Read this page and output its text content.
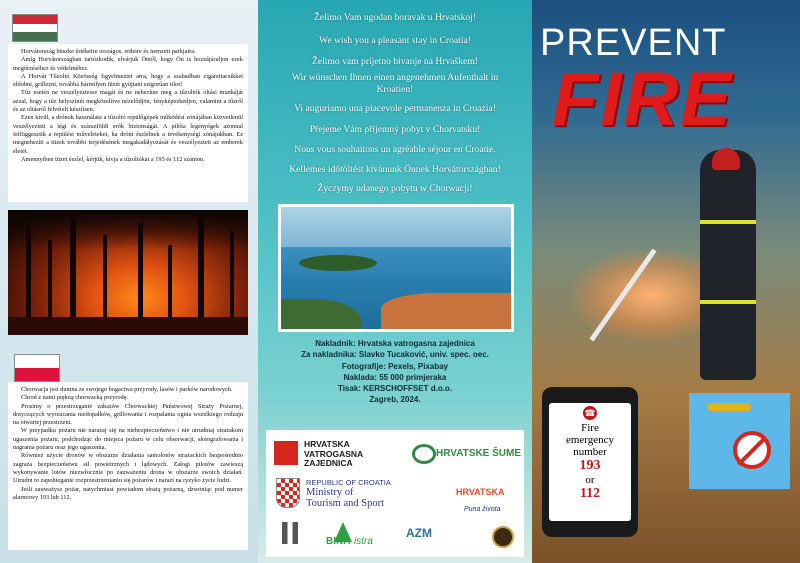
Horvátország büszke értékeire országos, erdeire és nemzeti parkjaira.

Amíg Horvátországban tartózkodik, elvárjuk Öntől, hogy Ön is hozzájáruljon ezek megőrzéséhez és védelméhez.

A Horvát Tűzoltó Közösség figyelmeztet arra, hogy a szabadban cigarettacsikket eldobni, grillezni, továbbá bármilyen tüzet gyújtani szigorúan tilos!

Tűz esetén ne veszélyeztesse magát és ne nehezítse meg a tűzoltók oltási munkáját azzal, hogy a tűz helyszínét megközelítve nézelődjön, fényképezkedjen, valamint a tűzről és az oltásról felvételt készítsen.

Ezen kívül, a drónok használata a tűzoltó repülőgépek működési zónájában közvetlenül veszélyezteti a légi és szárazföldi erők biztonságát. A pilóta legényégek azonnal felfüggesztik a repülési műveleteket, ha drónt észlelnek a tevékenységi zónájukban. Ez megnehezíti a tüzek további terjedésének megakadályozását és veszélyezteti az emberek életét.

Amennyiben tüzet észlel, kérjük, hívja a tűzoltókat a 193 és 112 számon.

Chorwacja jest dumna ze swojego bogactwa przyrody, lasów i parków narodowych.

Chroń z nami piękną chorwacką przyrodę.

Prosimy o przestrzeganie zakazów Chorwackiej Państwowej Straży Pożarnej, dotyczących wyrzucania niedopałków, grillowania i rozpalania ognia wszelkiego rodzaju na otwartej przestrzeni.

W przypadku pożaru nie narażaj się na niebezpieczeństwo i nie utrudniaj strażakom ugaszenia pożaru, podchodząc do miejsca pożaru w celu obserwacji, słotografowania i nagrania pożaru oraz jego ugaszenia.

Również użycie dronów w obszarze działania samolotów strażackich bezpośrednio zagraża bezpieczeństwu sił powietrznych i lądowych. Załogi pilotów zawieszą wykonywanie lotów niezwłocznie po zauważeniu drona w obszarze swoich działań. Utrudni to zapobieganie rozprzestrzenianiu się pożarów i narazi na ryzyko życie ludzi.

Jeśli zauważysz pożar, natychmiast powiadom strażą pożarną, dzwoniąc pod numer alarmowy 193 lub 112.

Želimo Vam ugodan boravak u Hrvatskoj!
We wish you a pleasant stay in Croatia!
Želimo vam prijetno bivanje na Hrvaškem!
Wir wünschen Ihnen einen angenehmen Aufenthalt in Kroatien!
Vi auguriamo una piacevole permanenza in Croazia!
Přejeme Vám příjemný pobyt v Chorvatsku!
Nous vous souhaitons un agréable séjour en Croatie.
Kellemes időtöltést kívánunk Önnek Horvátországban!
Życzymy udanego pobytu w Chorwacji!
Nakladnik: Hrvatska vatrogasna zajednica
Za nakladnika: Slavko Tucaković, univ. spec. oec.
Fotografije: Pexels, Pixabay
Naklada: 55 000 primjeraka
Tisak: KERSCHOFFSET d.o.o.
Zagreb, 2024.
HRVATSKA
VATROGASNA
ZAJEDNICA
HRVATSKE ŠUME
REPUBLIC OF CROATIA
Ministry of
Tourism and Sport
HRVATSKA
Puna života
BINA istra
AZM
PREVENT
FIRE
☎
Fire
emergency
number
193
or
112
